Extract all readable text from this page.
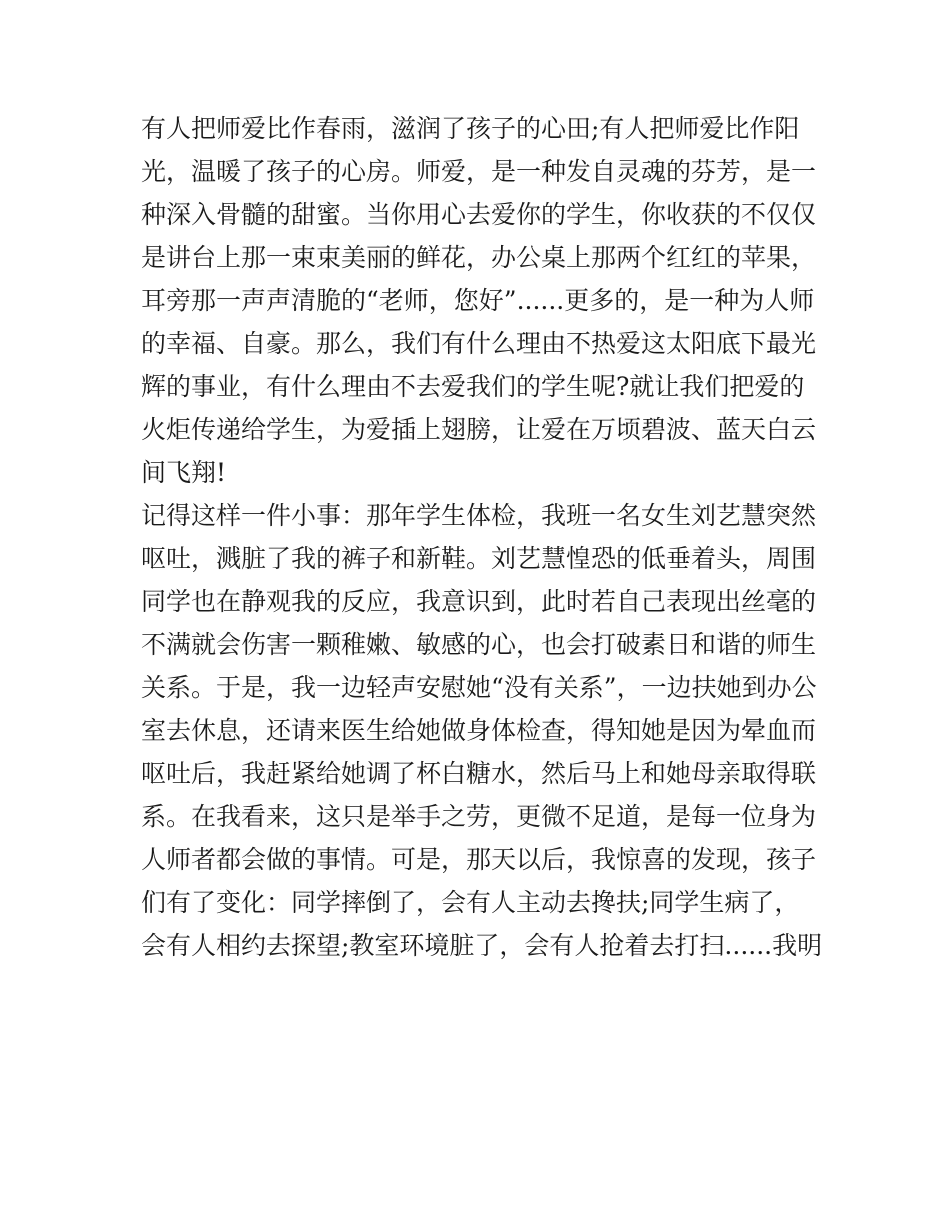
有人把师爱比作春雨，滋润了孩子的心田;有人把师爱比作阳
光，温暖了孩子的心房。师爱，是一种发自灵魂的芬芳，是一
种深入骨髓的甜蜜。当你用心去爱你的学生，你收获的不仅仅
是讲台上那一束束美丽的鲜花，办公桌上那两个红红的苹果，
耳旁那一声声清脆的“老师，您好”......更多的，是一种为人师
的幸福、自豪。那么，我们有什么理由不热爱这太阳底下最光
辉的事业，有什么理由不去爱我们的学生呢?就让我们把爱的
火炬传递给学生，为爱插上翅膀，让爱在万顷碧波、蓝天白云
间飞翔!
记得这样一件小事：那年学生体检，我班一名女生刘艺慧突然
呕吐，溅脏了我的裤子和新鞋。刘艺慧惶恐的低垂着头，周围
同学也在静观我的反应，我意识到，此时若自己表现出丝毫的
不满就会伤害一颗稚嫩、敏感的心，也会打破素日和谐的师生
关系。于是，我一边轻声安慰她“没有关系”，一边扶她到办公
室去休息，还请来医生给她做身体检查，得知她是因为晕血而
呕吐后，我赶紧给她调了杯白糖水，然后马上和她母亲取得联
系。在我看来，这只是举手之劳，更微不足道，是每一位身为
人师者都会做的事情。可是，那天以后，我惊喜的发现，孩子
们有了变化：同学摔倒了，会有人主动去搀扶;同学生病了，
会有人相约去探望;教室环境脏了，会有人抢着去打扫......我明
